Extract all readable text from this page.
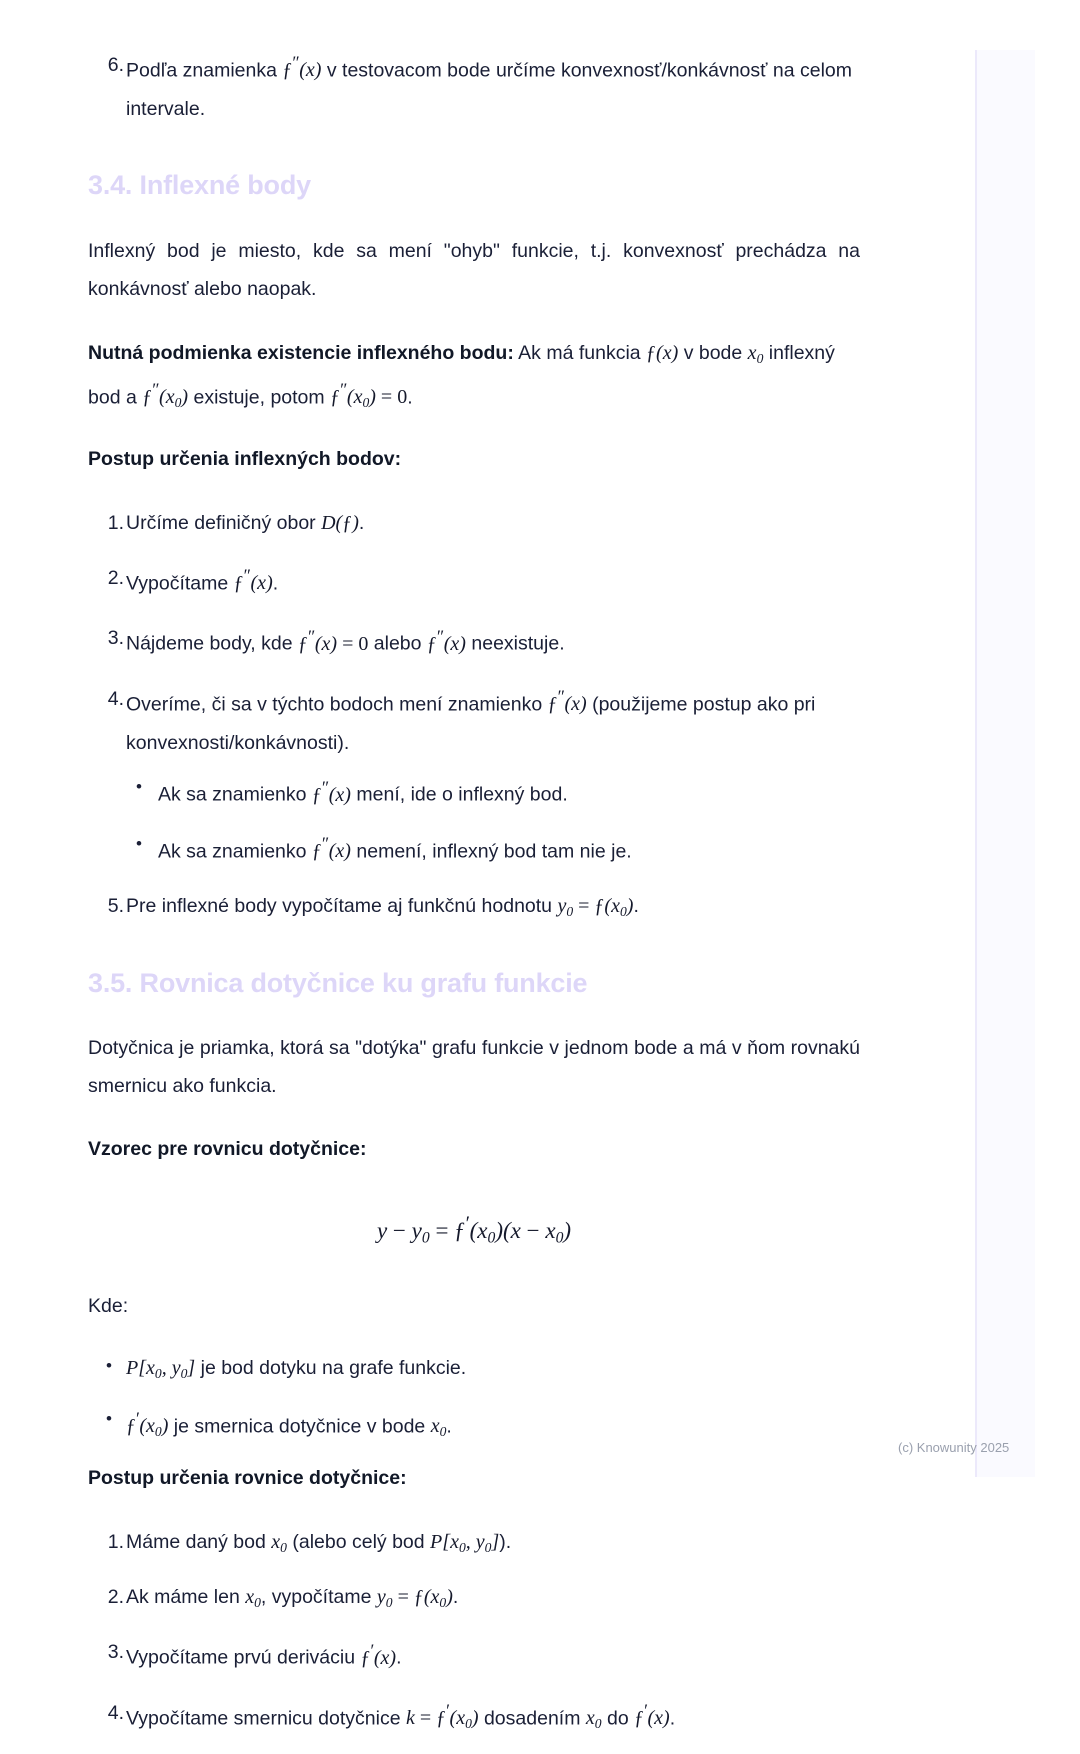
6. Podľa znamienka ƒ″(x) v testovacom bode určíme konvexnosť/konkávnosť na celom intervale.
3.4. Inflexné body

Inflexný bod je miesto, kde sa mení "ohyb" funkcie, t.j. konvexnosť prechádza na konkávnosť alebo naopak.

Nutná podmienka existencie inflexného bodu: Ak má funkcia ƒ(x) v bode $x_0$ inflexný bod a $ƒ''(x_0)$ existuje, potom $ƒ''(x_0) = 0$.

Postup určenia inflexných bodov:

1. Určíme definičný obor D(ƒ).
2. Vypočítame ƒ″(x).
3. Nájdeme body, kde ƒ″(x) = 0 alebo ƒ″(x) neexistuje.
4. Overíme, či sa v týchto bodoch mení znamienko ƒ″(x) (použijeme postup ako pri konvexnosti/konkávnosti).
• Ak sa znamienko ƒ″(x) mení, ide o inflexný bod.
• Ak sa znamienko ƒ″(x) nemení, inflexný bod tam nie je.
5. Pre inflexné body vypočítame aj funkčnú hodnotu $y_0$ = $ƒ(x_0)$.
3.5. Rovnica dotyčnice ku grafu funkcie

Dotyčnica je priamka, ktorá sa "dotýka" grafu funkcie v jednom bode a má v ňom rovnakú smernicu ako funkcia.

Vzorec pre rovnicu dotyčnice:

$y - y_0$ = $ƒ'(x_0)(x - x_0)$

Kde:

• $P[x_0$, $y_0$] je bod dotyku na grafe funkcie.
• $ƒ'(x_0)$ je smernica dotyčnice v bode $x_0$.

Postup určenia rovnice dotyčnice:

1. Máme daný bod $x_0$ (alebo celý bod $P[x_0$, $y_0$]).
2. Ak máme len $x_0$, vypočítame $y_0$ = $ƒ(x_0)$.
3. Vypočítame prvú deriváciu ƒ′(x).
4. Vypočítame smernicu dotyčnice $k = ƒ'(x_0)$ dosadením $x_0$ do ƒ′(x).
(c) Knowunity 2025
